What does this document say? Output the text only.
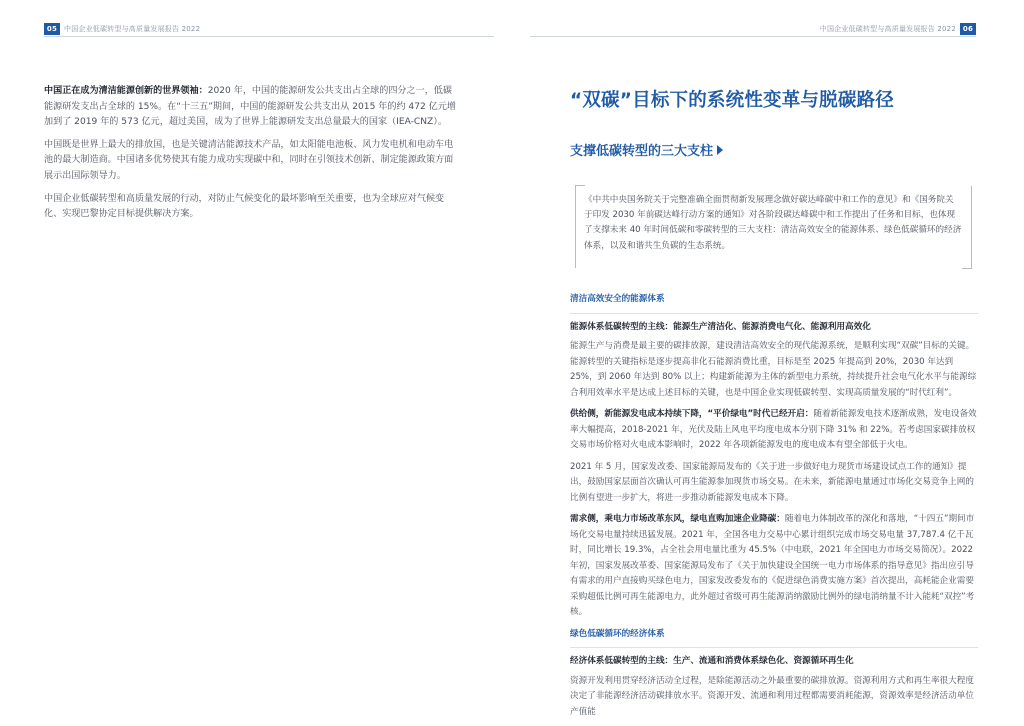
05 中国企业低碳转型与高质量发展报告 2022	中国企业低碳转型与高质量发展报告 2022 06

中国正在成为清洁能源创新的世界领袖：2020 年，中国的能源研发公共支出占全球的四分之一，低碳能源研发支出占全球的 15%。在“十三五”期间，中国的能源研发公共支出从 2015 年的约 472 亿元增加到了 2019 年的 573 亿元，超过美国，成为了世界上能源研发支出总量最大的国家（IEA-CNZ）。

中国既是世界上最大的排放国，也是关键清洁能源技术产品，如太阳能电池板、风力发电机和电动车电池的最大制造商。中国诸多优势使其有能力成功实现碳中和，同时在引领技术创新、制定能源政策方面展示出国际领导力。

中国企业低碳转型和高质量发展的行动，对防止气候变化的最坏影响至关重要，也为全球应对气候变化、实现巴黎协定目标提供解决方案。

“双碳”目标下的系统性变革与脱碳路径
支撑低碳转型的三大支柱

《中共中央国务院关于完整准确全面贯彻新发展理念做好碳达峰碳中和工作的意见》和《国务院关于印发 2030 年前碳达峰行动方案的通知》对各阶段碳达峰碳中和工作提出了任务和目标，也体现了支撑未来 40 年时间低碳和零碳转型的三大支柱：清洁高效安全的能源体系、绿色低碳循环的经济体系，以及和谐共生负碳的生态系统。

清洁高效安全的能源体系
能源体系低碳转型的主线：能源生产清洁化、能源消费电气化、能源利用高效化

能源生产与消费是最主要的碳排放源，建设清洁高效安全的现代能源系统，是顺利实现“双碳”目标的关键。能源转型的关键指标是逐步提高非化石能源消费比重，目标是至 2025 年提高到 20%，2030 年达到 25%，到 2060 年达到 80% 以上；构建新能源为主体的新型电力系统，持续提升社会电气化水平与能源综合利用效率水平是达成上述目标的关键，也是中国企业实现低碳转型、实现高质量发展的“时代红利”。

供给侧，新能源发电成本持续下降，“平价绿电”时代已经开启：随着新能源发电技术逐渐成熟，发电设备效率大幅提高，2018-2021 年，光伏及陆上风电平均度电成本分别下降 31% 和 22%。若考虑国家碳排放权交易市场价格对火电成本影响时，2022 年各项新能源发电的度电成本有望全部低于火电。

2021 年 5 月，国家发改委、国家能源局发布的《关于进一步做好电力现货市场建设试点工作的通知》提出，鼓励国家层面首次确认可再生能源参加现货市场交易。在未来，新能源电量通过市场化交易竞争上网的比例有望进一步扩大，将进一步推动新能源发电成本下降。

需求侧，乘电力市场改革东风，绿电直购加速企业降碳：随着电力体制改革的深化和落地，“十四五”期间市场化交易电量持续迅猛发展。2021 年，全国各电力交易中心累计组织完成市场交易电量 37,787.4 亿千瓦时，同比增长 19.3%，占全社会用电量比重为 45.5%（中电联，2021 年全国电力市场交易简况）。2022 年初，国家发展改革委、国家能源局发布了《关于加快建设全国统一电力市场体系的指导意见》指出应引导有需求的用户直接购买绿色电力，国家发改委发布的《促进绿色消费实施方案》首次提出，高耗能企业需要采购超低比例可再生能源电力，此外超过省级可再生能源消纳激励比例外的绿电消纳量不计入能耗“双控”考核。

绿色低碳循环的经济体系
经济体系低碳转型的主线：生产、流通和消费体系绿色化、资源循环再生化

资源开发利用贯穿经济活动全过程，是除能源活动之外最重要的碳排放源。资源利用方式和再生率很大程度决定了非能源经济活动碳排放水平。资源开发、流通和利用过程都需要消耗能源，资源效率是经济活动单位产值能
